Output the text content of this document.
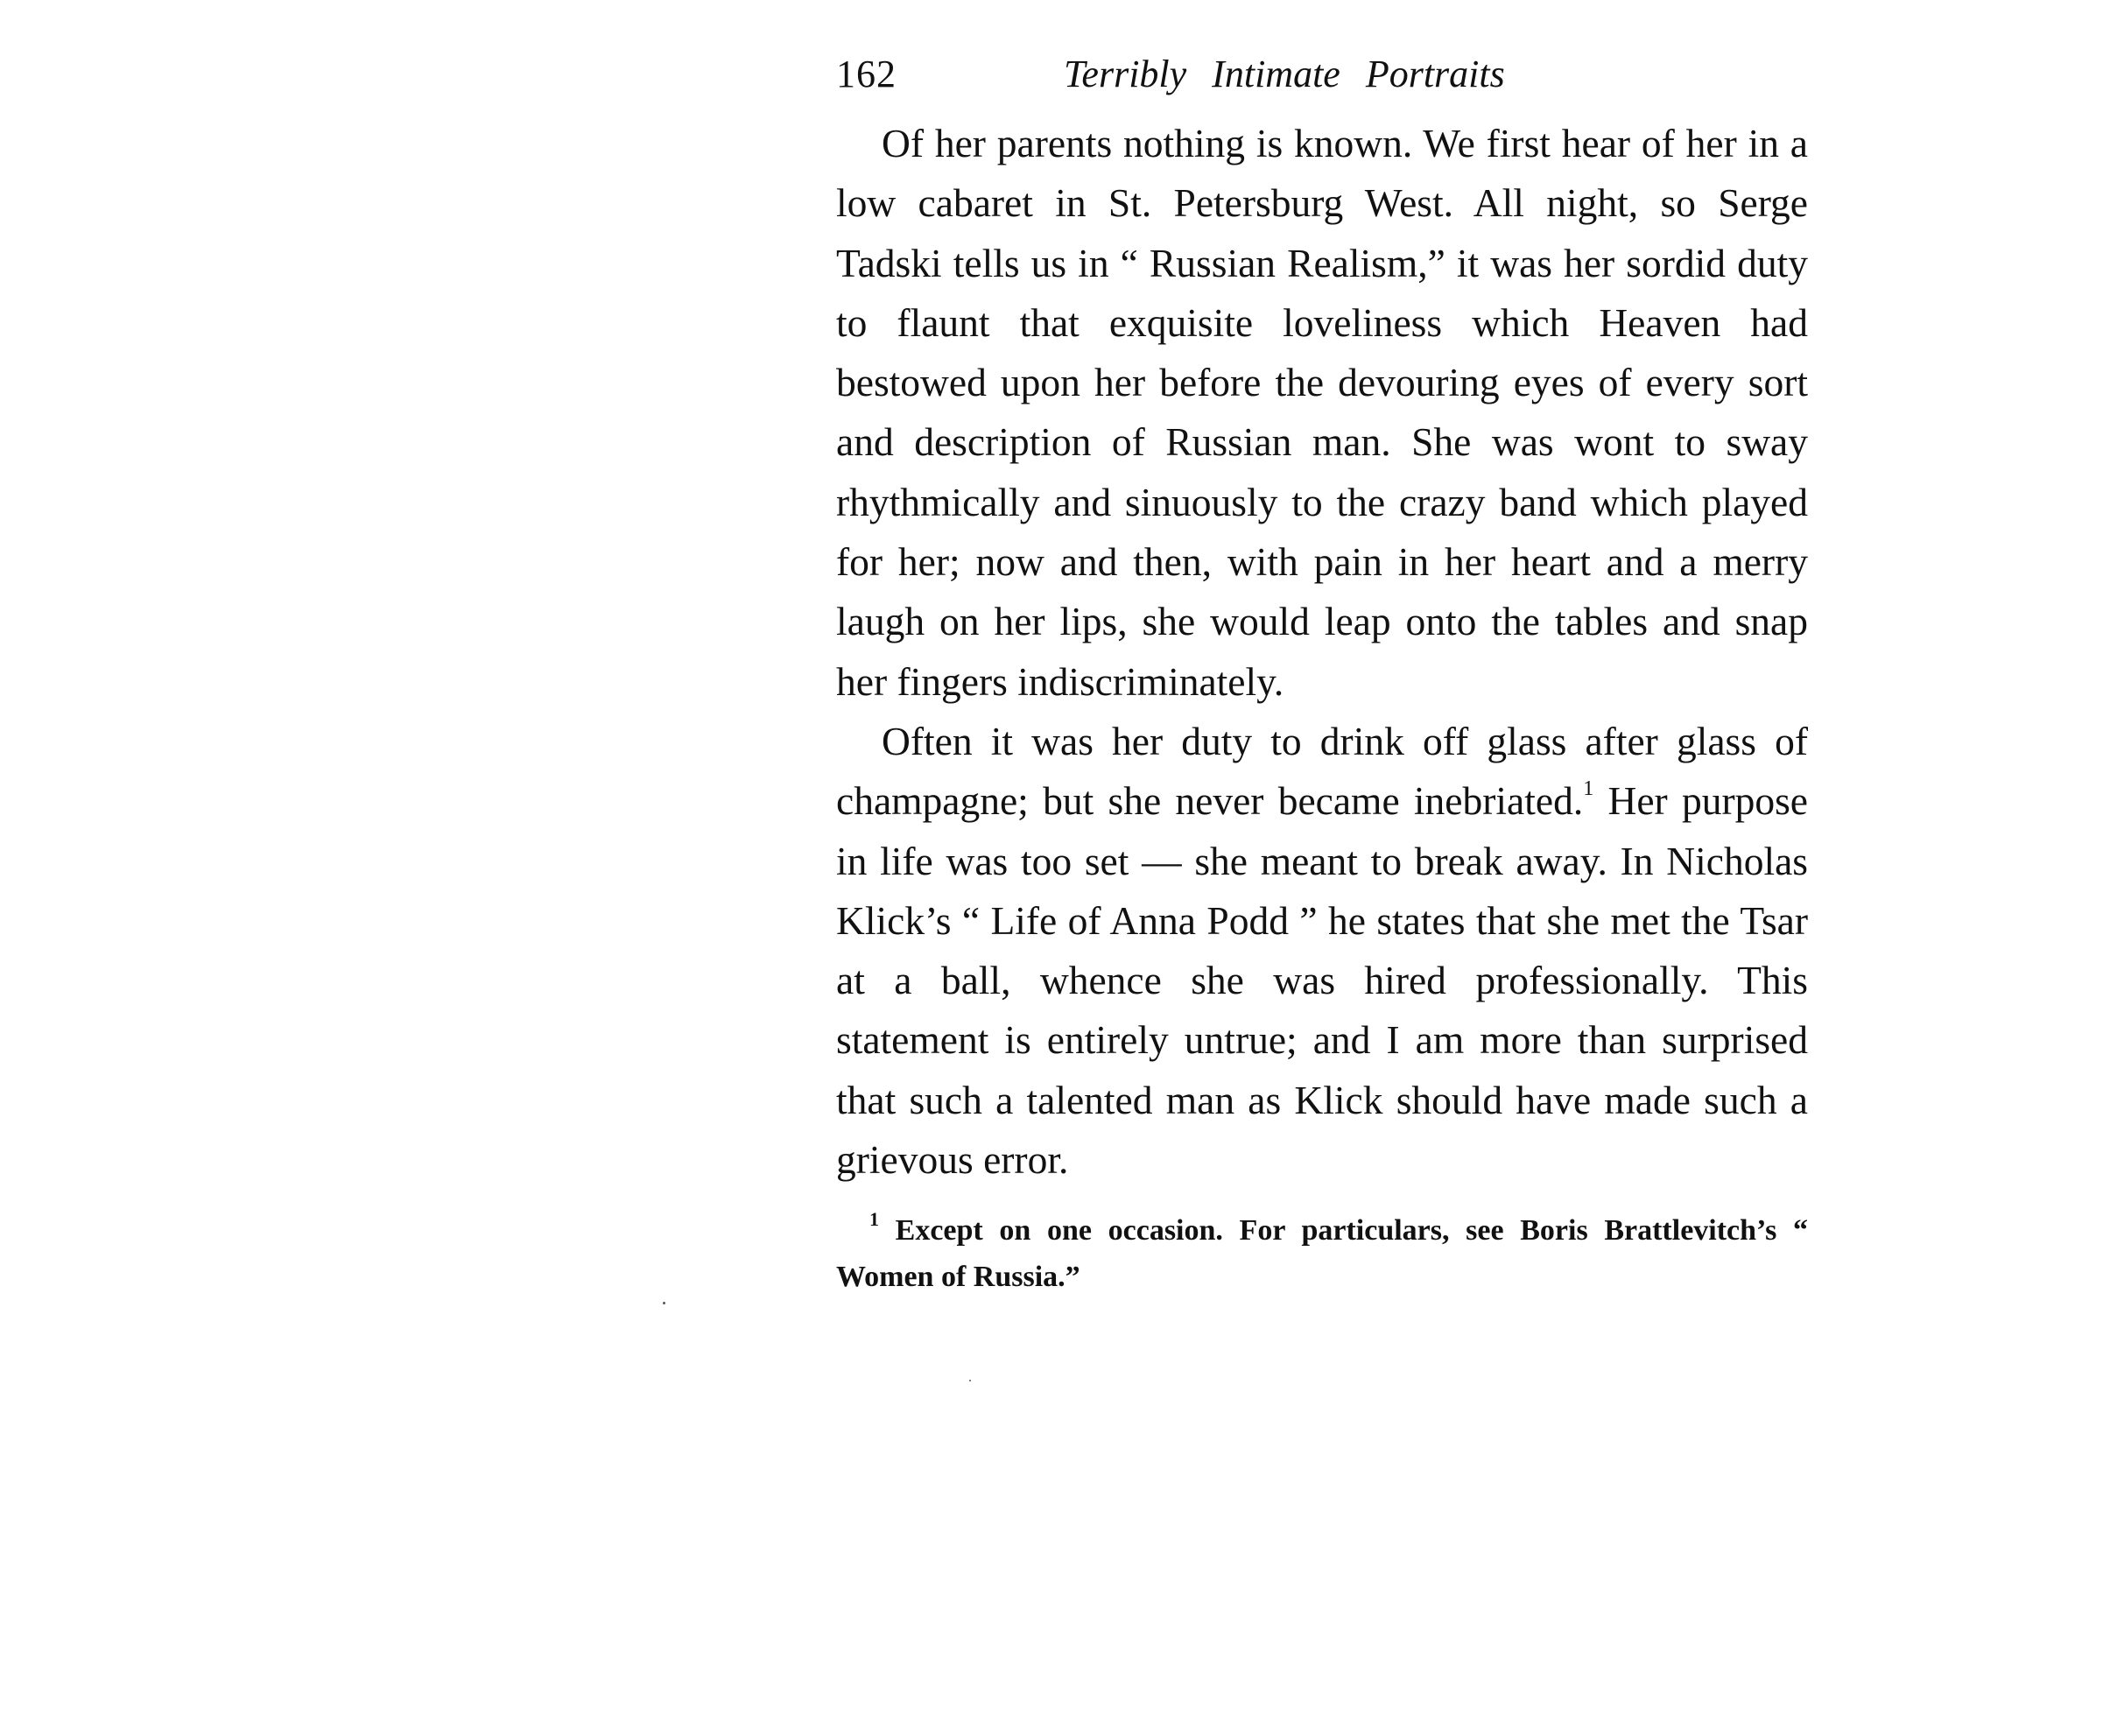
162	Terribly Intimate Portraits

Of her parents nothing is known. We first hear of her in a low cabaret in St. Petersburg West. All night, so Serge Tadski tells us in “ Russian Realism,” it was her sordid duty to flaunt that exquisite loveliness which Heaven had bestowed upon her before the devouring eyes of every sort and description of Russian man. She was wont to sway rhythmically and sinuously to the crazy band which played for her; now and then, with pain in her heart and a merry laugh on her lips, she would leap onto the tables and snap her fingers indiscriminately.

Often it was her duty to drink off glass after glass of champagne; but she never became inebriated.$^1$ Her purpose in life was too set — she meant to break away. In Nicholas Klick’s “ Life of Anna Podd ” he states that she met the Tsar at a ball, whence she was hired professionally. This statement is entirely untrue; and I am more than surprised that such a talented man as Klick should have made such a grievous error.

$^1$ Except on one occasion. For particulars, see Boris Brattlevitch’s “ Women of Russia.”
